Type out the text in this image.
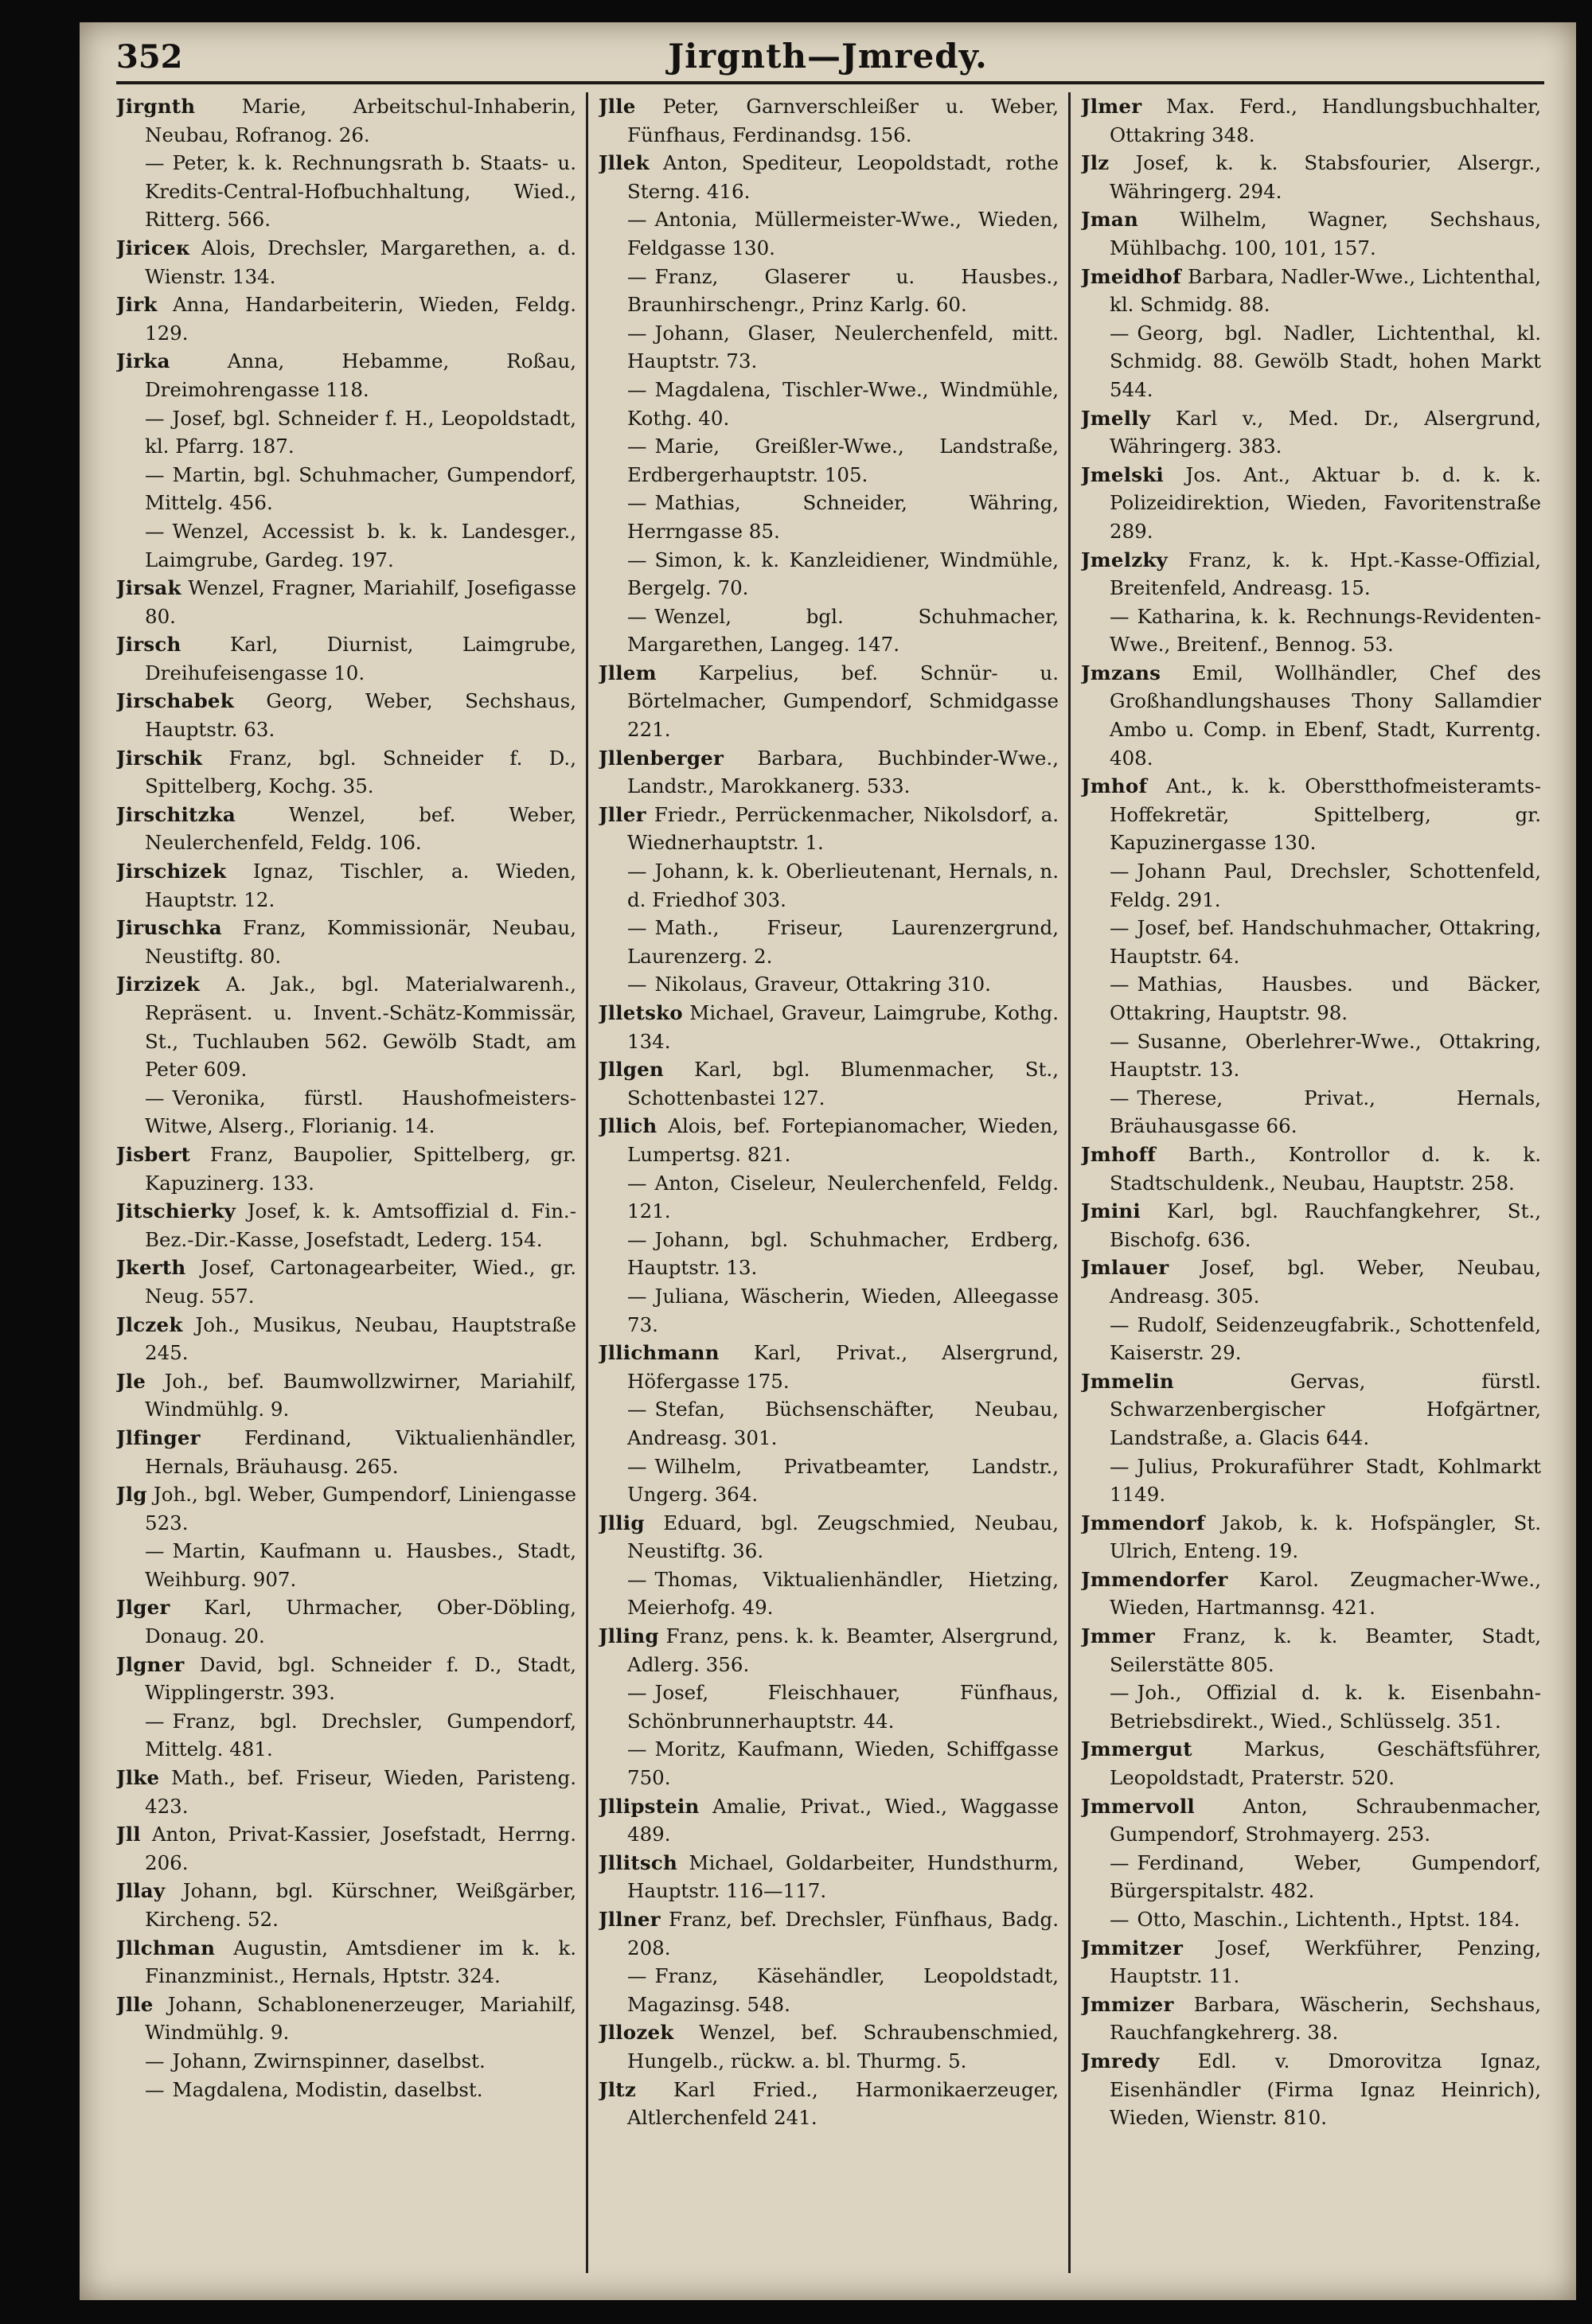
352	Jirgnth—Jmredy.
Jirgnth Marie, Arbeitschul-Inhaberin, Neubau, Rofranog. 26.
— Peter, k. k. Rechnungsrath b. Staats- u. Kredits-Central-Hofbuchhaltung, Wied., Ritterg. 566.
Jiriceк Alois, Drechsler, Margarethen, a. d. Wienstr. 134.
Jirk Anna, Handarbeiterin, Wieden, Feldg. 129.
Jirka	Anna, Hebamme, Roßau, Dreimohrengasse 118.
— Josef, bgl. Schneider f. H., Leopoldstadt, kl. Pfarrg. 187.
— Martin, bgl. Schuhmacher, Gumpendorf, Mittelg. 456.
— Wenzel, Accessist b. k. k. Landesger., Laimgrube, Gardeg. 197.
Jirsak Wenzel, Fragner, Mariahilf, Josefigasse 80.
Jirsch	Karl, Diurnist, Laimgrube, Dreihufeisengasse 10.
Jirschabek Georg, Weber, Sechshaus, Hauptstr. 63.
Jirschik Franz, bgl. Schneider f. D., Spittelberg, Kochg. 35.
Jirschitzka	Wenzel, bef. Weber, Neulerchenfeld, Feldg. 106.
Jirschizek Ignaz, Tischler, a. Wieden, Hauptstr. 12.
Jiruschka Franz, Kommissionär, Neubau, Neustiftg. 80.
Jirzizek A. Jak., bgl. Materialwarenh., Repräsent. u. Invent.-Schätz-Kommissär, St., Tuchlauben 562. Gewölb Stadt, am Peter 609.
— Veronika, fürstl. Haushofmeisters-Witwe, Alserg., Florianig. 14.
Jisbert Franz, Baupolier, Spittelberg, gr. Kapuzinerg. 133.
Jitschierky Josef, k. k. Amtsoffizial d. Fin.-Bez.-Dir.-Kasse, Josefstadt, Lederg. 154.
Jkerth Josef, Cartonagearbeiter, Wied., gr. Neug. 557.
Jlczek Joh., Musikus, Neubau, Hauptstraße 245.
Jle Joh., bef. Baumwollzwirner, Mariahilf, Windmühlg. 9.
Jlfinger Ferdinand, Viktualienhändler, Hernals, Bräuhausg. 265.
Jlg Joh., bgl. Weber, Gumpendorf, Liniengasse 523.
— Martin, Kaufmann u. Hausbes., Stadt, Weihburg. 907.
Jlger Karl, Uhrmacher, Ober-Döbling, Donaug. 20.
Jlgner David, bgl. Schneider f. D., Stadt, Wipplingerstr. 393.
— Franz, bgl. Drechsler, Gumpendorf, Mittelg. 481.
Jlke Math., bef. Friseur, Wieden, Paristeng. 423.
Jll Anton, Privat-Kassier, Josefstadt, Herrng. 206.
Jllay Johann, bgl. Kürschner, Weißgärber, Kircheng. 52.
Jllchman Augustin, Amtsdiener im k. k. Finanzminist., Hernals, Hptstr. 324.
Jlle Johann, Schablonenerzeuger, Mariahilf, Windmühlg. 9.
— Johann, Zwirnspinner, daselbst.
— Magdalena, Modistin, daselbst.
Jlle Peter, Garnverschleißer u. Weber, Fünfhaus, Ferdinandsg. 156.
Jllek Anton, Spediteur, Leopoldstadt, rothe Sterng. 416.
— Antonia, Müllermeister-Wwe., Wieden, Feldgasse 130.
— Franz, Glaserer u. Hausbes., Braunhirschengr., Prinz Karlg. 60.
— Johann, Glaser, Neulerchenfeld, mitt. Hauptstr. 73.
— Magdalena, Tischler-Wwe., Windmühle, Kothg. 40.
— Marie, Greißler-Wwe., Landstraße, Erdbergerhauptstr. 105.
— Mathias, Schneider, Währing, Herrngasse 85.
— Simon, k. k. Kanzleidiener, Windmühle, Bergelg. 70.
— Wenzel, bgl. Schuhmacher, Margarethen, Langeg. 147.
Jllem Karpelius, bef. Schnür- u. Börtelmacher, Gumpendorf, Schmidgasse 221.
Jllenberger Barbara, Buchbinder-Wwe., Landstr., Marokkanerg. 533.
Jller Friedr., Perrückenmacher, Nikolsdorf, a. Wiednerhauptstr. 1.
— Johann, k. k. Oberlieutenant, Hernals, n. d. Friedhof 303.
— Math., Friseur, Laurenzergrund, Laurenzerg. 2.
— Nikolaus, Graveur, Ottakring 310.
Jlletsko Michael, Graveur, Laimgrube, Kothg. 134.
Jllgen Karl, bgl. Blumenmacher, St., Schottenbastei 127.
Jllich Alois, bef. Fortepianomacher, Wieden, Lumpertsg. 821.
— Anton, Ciseleur, Neulerchenfeld, Feldg. 121.
— Johann, bgl. Schuhmacher, Erdberg, Hauptstr. 13.
— Juliana, Wäscherin, Wieden, Alleegasse 73.
Jllichmann Karl, Privat., Alsergrund, Höfergasse 175.
— Stefan, Büchsenschäfter, Neubau, Andreasg. 301.
— Wilhelm, Privatbeamter, Landstr., Ungerg. 364.
Jllig Eduard, bgl. Zeugschmied, Neubau, Neustiftg. 36.
— Thomas, Viktualienhändler, Hietzing, Meierhofg. 49.
Jlling Franz, pens. k. k. Beamter, Alsergrund, Adlerg. 356.
— Josef, Fleischhauer, Fünfhaus, Schönbrunnerhauptstr. 44.
— Moritz, Kaufmann, Wieden, Schiffgasse 750.
Jllipstein Amalie, Privat., Wied., Waggasse 489.
Jllitsch Michael, Goldarbeiter, Hundsthurm, Hauptstr. 116—117.
Jllner Franz, bef. Drechsler, Fünfhaus, Badg. 208.
— Franz, Käsehändler, Leopoldstadt, Magazinsg. 548.
Jllozek Wenzel, bef. Schraubenschmied, Hungelb., rückw. a. bl. Thurmg. 5.
Jltz Karl Fried., Harmonikaerzeuger, Altlerchenfeld 241.
Jlmer Max. Ferd., Handlungsbuchhalter, Ottakring 348.
Jlz Josef, k. k. Stabsfourier, Alsergr., Währingerg. 294.
Jman Wilhelm, Wagner, Sechshaus, Mühlbachg. 100, 101, 157.
Jmeidhof Barbara, Nadler-Wwe., Lichtenthal, kl. Schmidg. 88.
— Georg, bgl. Nadler, Lichtenthal, kl. Schmidg. 88. Gewölb Stadt, hohen Markt 544.
Jmelly Karl v., Med. Dr., Alsergrund, Währingerg. 383.
Jmelski Jos. Ant., Aktuar b. d. k. k. Polizeidirektion, Wieden, Favoritenstraße 289.
Jmelzky Franz, k. k. Hpt.-Kasse-Offizial, Breitenfeld, Andreasg. 15.
— Katharina, k. k. Rechnungs-Revidenten-Wwe., Breitenf., Bennog. 53.
Jmzans Emil, Wollhändler, Chef des Großhandlungshauses Thony Sallamdier Ambo u. Comp. in Ebenf, Stadt, Kurrentg. 408.
Jmhof Ant., k. k. Oberstthofmeisteramts-Hoffekretär, Spittelberg, gr. Kapuzinergasse 130.
— Johann Paul, Drechsler, Schottenfeld, Feldg. 291.
— Josef, bef. Handschuhmacher, Ottakring, Hauptstr. 64.
— Mathias, Hausbes. und Bäcker, Ottakring, Hauptstr. 98.
— Susanne, Oberlehrer-Wwe., Ottakring, Hauptstr. 13.
— Therese, Privat., Hernals, Bräuhausgasse 66.
Jmhoff Barth., Kontrollor d. k. k. Stadtschuldenk., Neubau, Hauptstr. 258.
Jmini Karl, bgl. Rauchfangkehrer, St., Bischofg. 636.
Jmlauer Josef, bgl. Weber, Neubau, Andreasg. 305.
— Rudolf, Seidenzeugfabrik., Schottenfeld, Kaiserstr. 29.
Jmmelin	Gervas, fürstl. Schwarzenbergischer Hofgärtner, Landstraße, a. Glacis 644.
— Julius, Prokuraführer Stadt, Kohlmarkt 1149.
Jmmendorf Jakob, k. k. Hofspängler, St. Ulrich, Enteng. 19.
Jmmendorfer Karol. Zeugmacher-Wwe., Wieden, Hartmannsg. 421.
Jmmer Franz, k. k. Beamter, Stadt, Seilerstätte 805.
— Joh., Offizial d. k. k. Eisenbahn-Betriebsdirekt., Wied., Schlüsselg. 351.
Jmmergut	Markus, Geschäftsführer, Leopoldstadt, Praterstr. 520.
Jmmervoll Anton, Schraubenmacher, Gumpendorf, Strohmayerg. 253.
— Ferdinand, Weber, Gumpendorf, Bürgerspitalstr. 482.
— Otto, Maschin., Lichtenth., Hptst. 184.
Jmmitzer Josef, Werkführer, Penzing, Hauptstr. 11.
Jmmizer Barbara, Wäscherin, Sechshaus, Rauchfangkehrerg. 38.
Jmredy Edl. v. Dmorovitza Ignaz, Eisenhändler (Firma Ignaz Heinrich), Wieden, Wienstr. 810.
